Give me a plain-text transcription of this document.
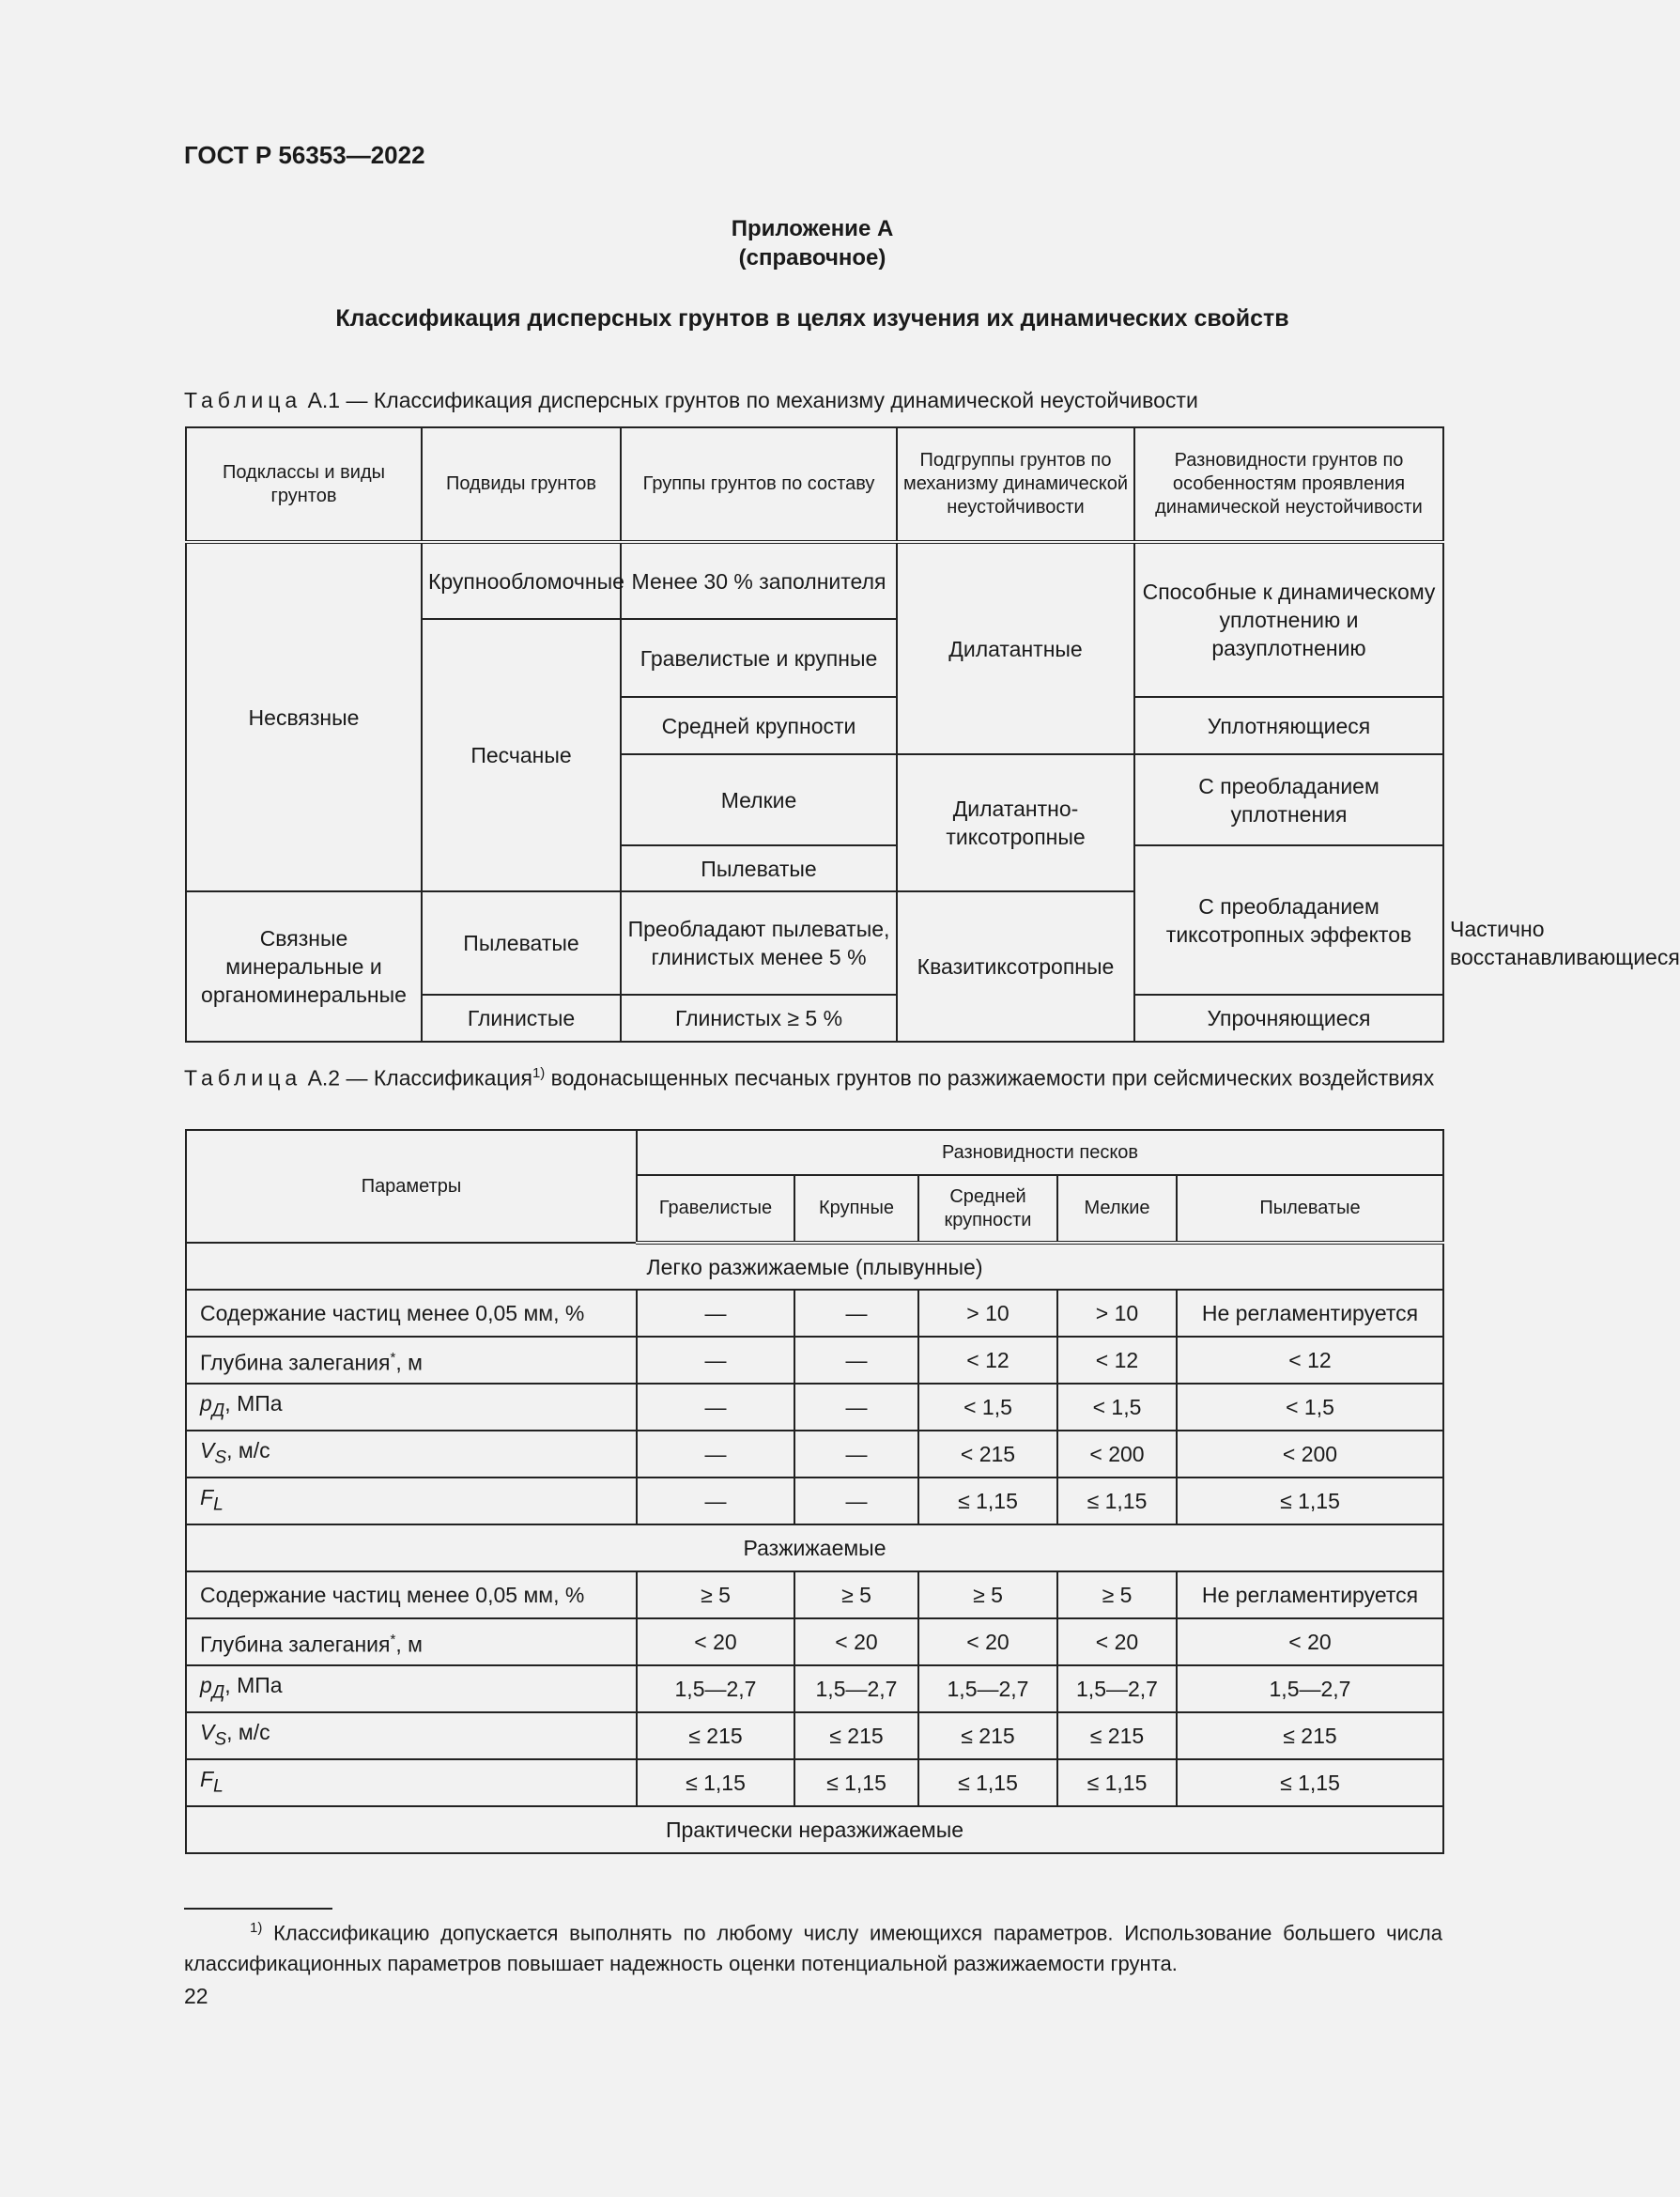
ГОСТ Р 56353—2022
Приложение А
(справочное)
Классификация дисперсных грунтов в целях изучения их динамических свойств
Таблица А.1 — Классификация дисперсных грунтов по механизму динамической неустойчивости
Подклассы и виды грунтов	Подвиды грунтов	Группы грунтов по составу	Подгруппы грунтов по механизму динамической неустойчивости	Разновидности грунтов по особенностям проявления динамической неустойчивости	
Несвязные	Крупнообломочные	Менее 30 % заполнителя	Дилатантные	Способные к динамическому уплотнению и разуплотнению	
	Песчаные	Гравелистые и крупные			
		Средней крупности		Уплотняющиеся	
		Мелкие	Дилатантно-тиксотропные	С преобладанием уплотнения	
		Пылеватые		С преобладанием тиксотропных эффектов	
Связные минеральные и органоминеральные	Пылеватые	Преобладают пылеватые, глинистых менее 5 %	Квазитиксотропные		Частично восстанавливающиеся
	Глинистые	Глинистых ≥ 5 %		Упрочняющиеся	
Таблица А.2 — Классификация$^{1)}$ водонасыщенных песчаных грунтов по разжижаемости при сейсмических воздействиях
Параметры	Разновидности песков				
	Гравелистые	Крупные	Средней крупности	Мелкие	Пылеватые
Легко разжижаемые (плывунные)					
Содержание частиц менее 0,05 мм, %	—	—	> 10	> 10	Не регламентируется
Глубина залегания*, м	—	—	< 12	< 12	< 12
$p_Д$, МПа	—	—	< 1,5	< 1,5	< 1,5
$V_S$, м/с	—	—	< 215	< 200	< 200
$F_L$	—	—	≤ 1,15	≤ 1,15	≤ 1,15
Разжижаемые					
Содержание частиц менее 0,05 мм, %	≥ 5	≥ 5	≥ 5	≥ 5	Не регламентируется
Глубина залегания*, м	< 20	< 20	< 20	< 20	< 20
$p_Д$, МПа	1,5—2,7	1,5—2,7	1,5—2,7	1,5—2,7	1,5—2,7
$V_S$, м/с	≤ 215	≤ 215	≤ 215	≤ 215	≤ 215
$F_L$	≤ 1,15	≤ 1,15	≤ 1,15	≤ 1,15	≤ 1,15
Практически неразжижаемые					
$^{1)}$ Классификацию допускается выполнять по любому числу имеющихся параметров. Использование большего числа классификационных параметров повышает надежность оценки потенциальной разжижаемости грунта.
22
